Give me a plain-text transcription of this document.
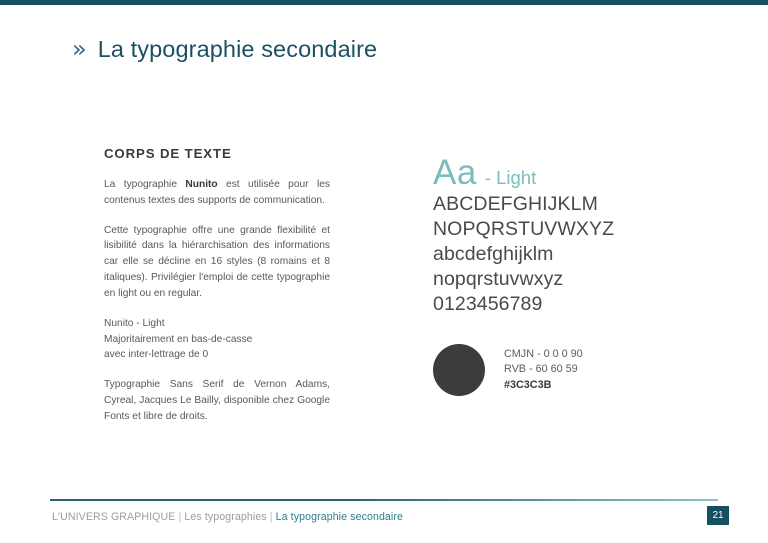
» La typographie secondaire
CORPS DE TEXTE

La typographie Nunito est utilisée pour les contenus textes des supports de communication.

Cette typographie offre une grande flexibilité et lisibilité dans la hiérarchisation des informations car elle se décline en 16 styles (8 romains et 8 italiques). Privilégier l'emploi de cette typographie en light ou en regular.

Nunito - Light
Majoritairement en bas-de-casse
avec inter-lettrage de 0

Typographie Sans Serif de Vernon Adams, Cyreal, Jacques Le Bailly, disponible chez Google Fonts et libre de droits.

Aa - Light
ABCDEFGHIJKLM
NOPQRSTUVWXYZ
abcdefghijklm
nopqrstuvwxyz
0123456789
CMJN - 0 0 0 90
RVB - 60 60 59
#3C3C3B
L'UNIVERS GRAPHIQUE | Les typographies | La typographie secondaire	21
